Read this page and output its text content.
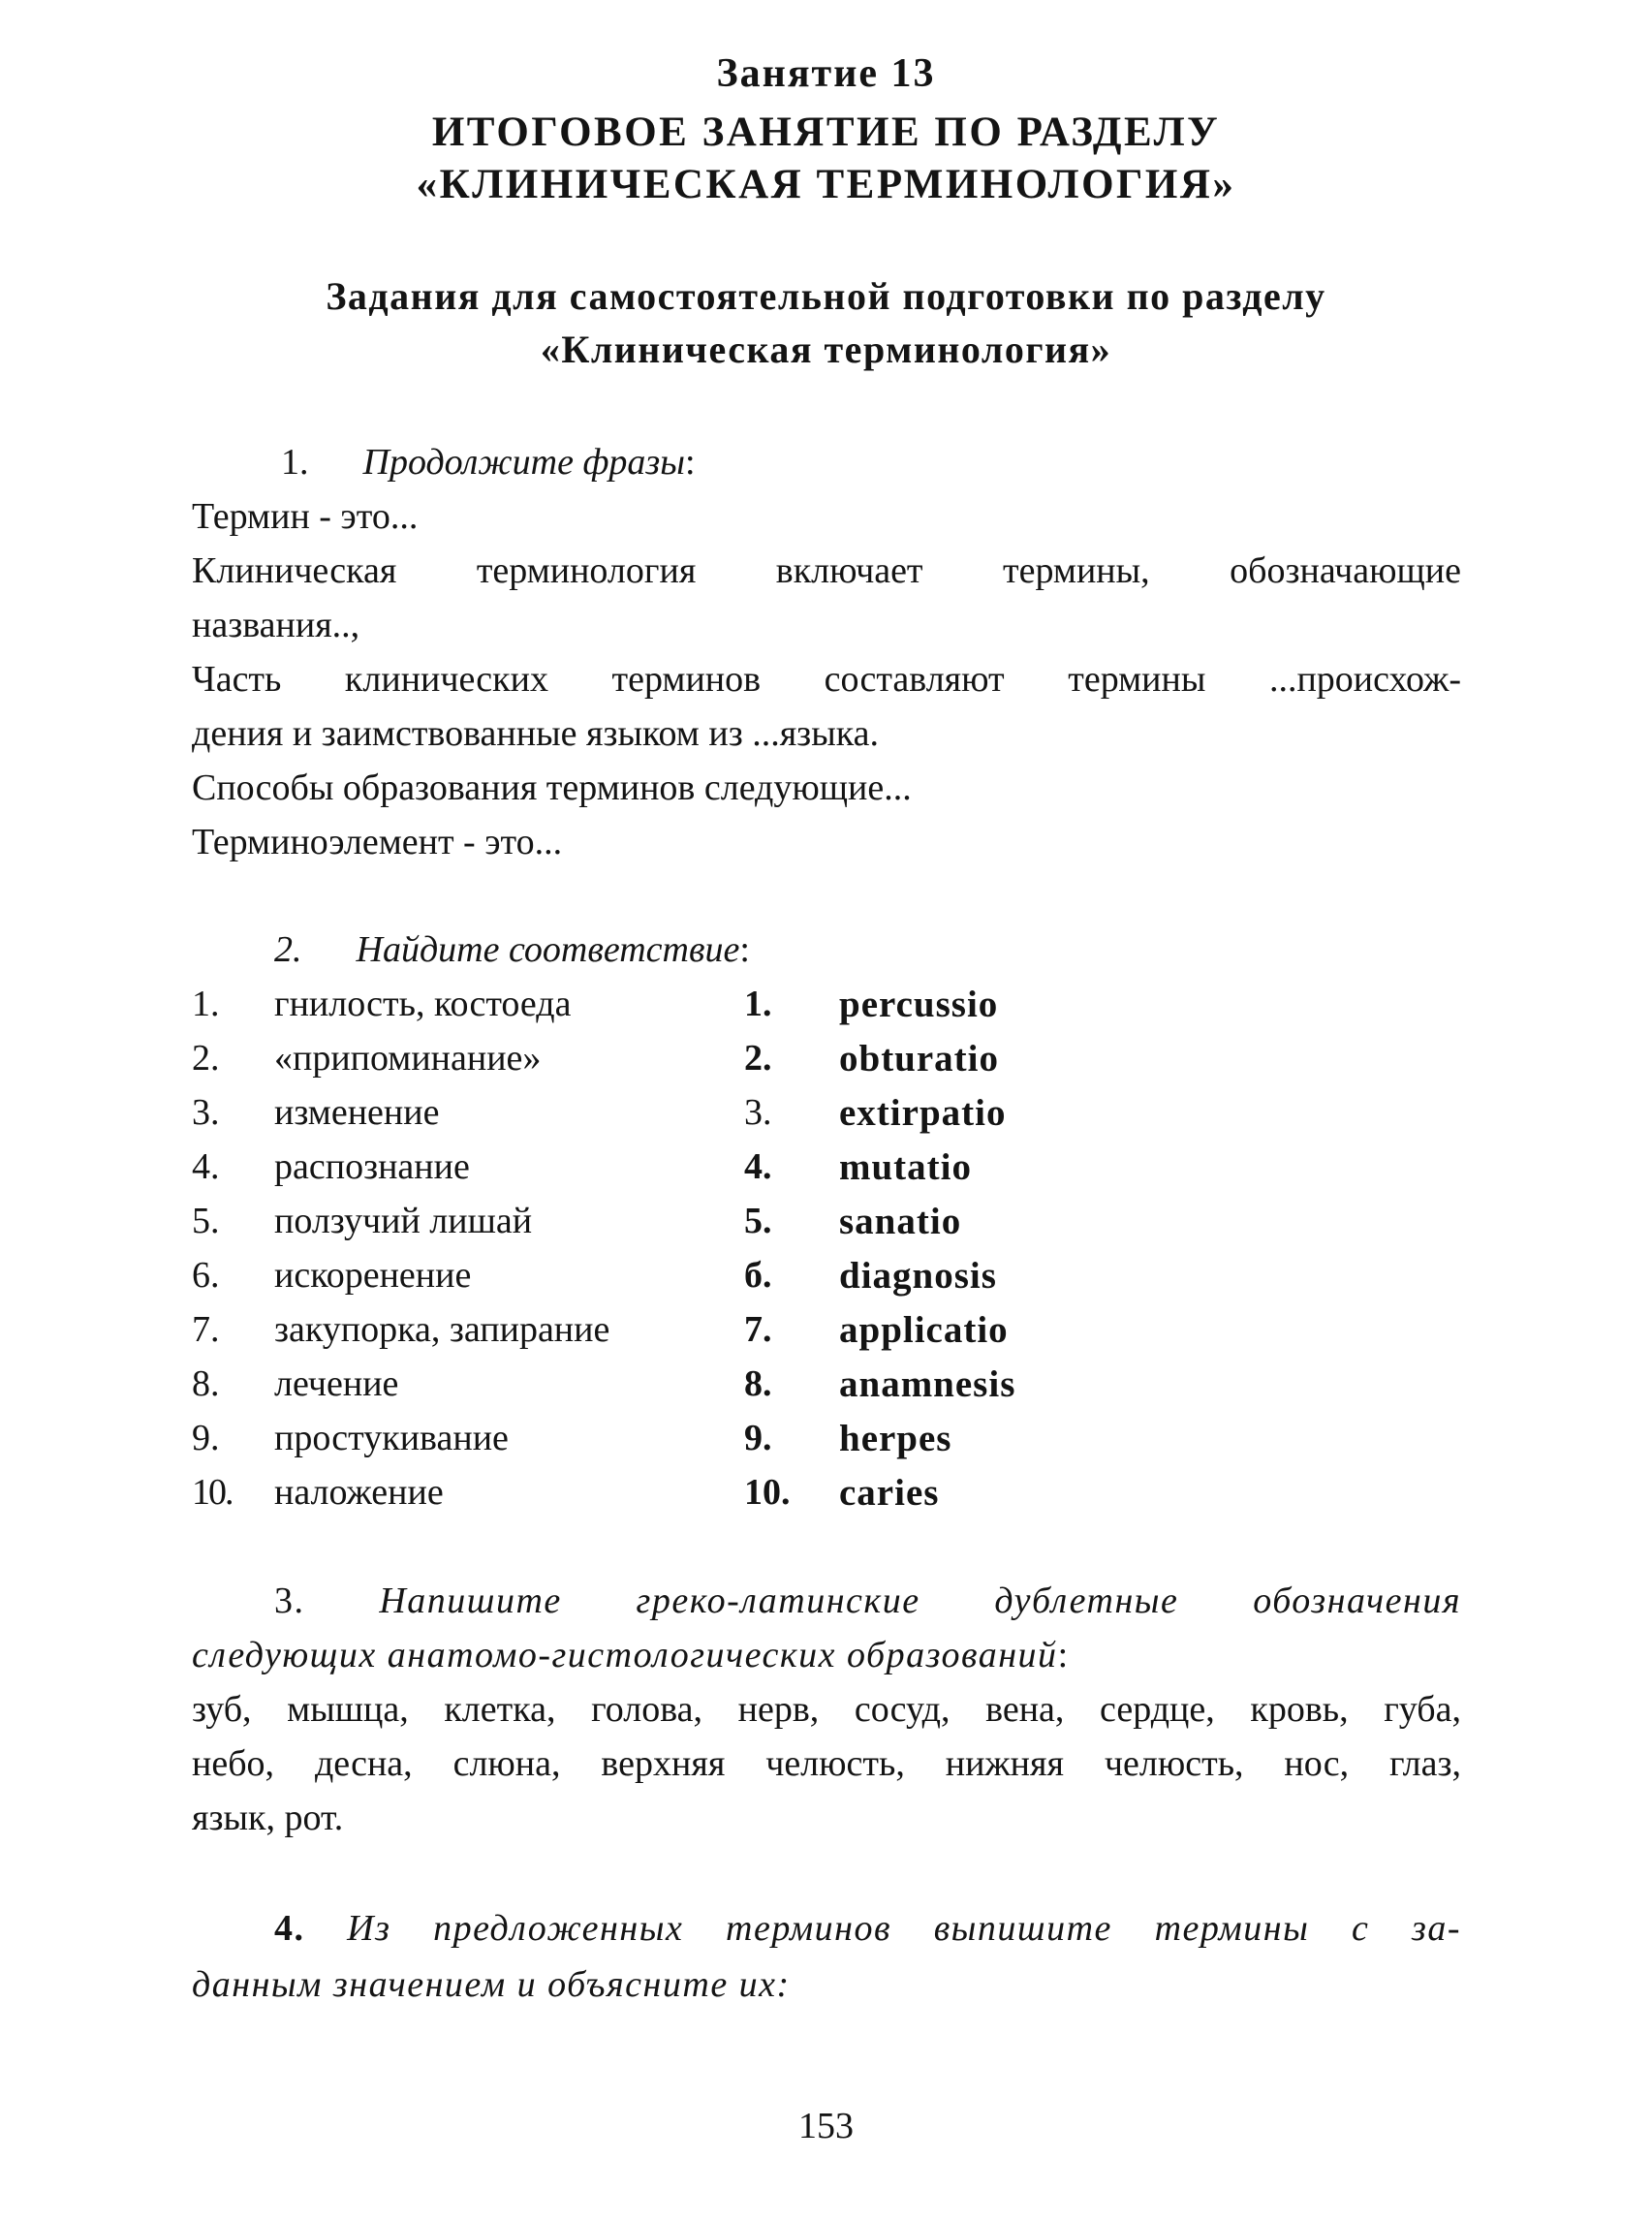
Занятие 13
ИТОГОВОЕ ЗАНЯТИЕ ПО РАЗДЕЛУ
«КЛИНИЧЕСКАЯ ТЕРМИНОЛОГИЯ»
Задания для самостоятельной подготовки по разделу
«Клиническая терминология»
1. Продолжите фразы:
Термин - это...
Клиническая терминология включает термины, обозначающие
названия..,
Часть клинических терминов составляют термины ...происхож-
дения и заимствованные языком из ...языка.
Способы образования терминов следующие...
Терминоэлемент - это...
2. Найдите соответствие:
1.	гнилость, костоеда	1. percussio
2.	«припоминание»	2. obturatio
3.	изменение	3. extirpatio
4.	распознание	4. mutatio
5.	ползучий лишай	5. sanatio
6.	искоренение	б. diagnosis
7.	закупорка, запирание	7. applicatio
8.	лечение	8. anamnesis
9.	простукивание	9. herpes
10.	наложение	10. caries
3. Напишите греко-латинские дублетные обозначения
следующих анатомо-гистологических образований:
зуб, мышца, клетка, голова, нерв, сосуд, вена, сердце, кровь, губа,
небо, десна, слюна, верхняя челюсть, нижняя челюсть, нос, глаз,
язык, рот.
4. Из предложенных терминов выпишите термины с за-
данным значением и объясните их:
153
